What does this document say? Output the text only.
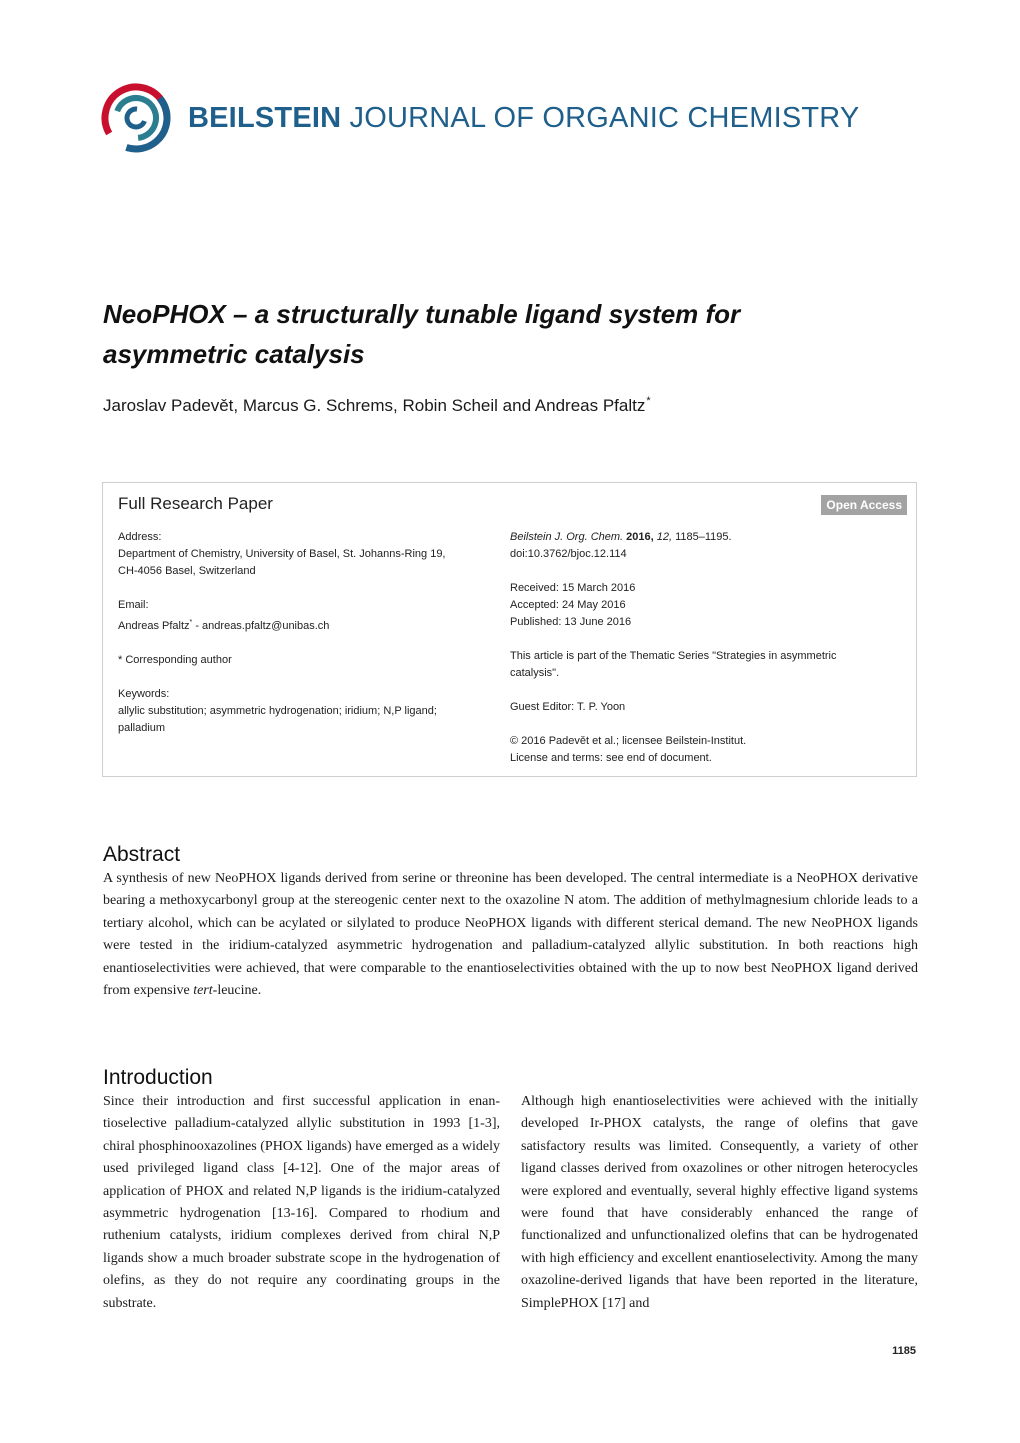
BEILSTEIN JOURNAL OF ORGANIC CHEMISTRY
NeoPHOX – a structurally tunable ligand system for asymmetric catalysis
Jaroslav Padevět, Marcus G. Schrems, Robin Scheil and Andreas Pfaltz*
Full Research Paper	Open Access

Address:

Department of Chemistry, University of Basel, St. Johanns-Ring 19,

CH-4056 Basel, Switzerland

Email:

Andreas Pfaltz* - andreas.pfaltz@unibas.ch

* Corresponding author

Keywords:

allylic substitution; asymmetric hydrogenation; iridium; N,P ligand;

palladium

Beilstein J. Org. Chem. 2016, 12, 1185–1195.

doi:10.3762/bjoc.12.114

Received: 15 March 2016

Accepted: 24 May 2016

Published: 13 June 2016

This article is part of the Thematic Series "Strategies in asymmetric

catalysis".

Guest Editor: T. P. Yoon

© 2016 Padevět et al.; licensee Beilstein-Institut.

License and terms: see end of document.

Abstract
A synthesis of new NeoPHOX ligands derived from serine or threonine has been developed. The central intermediate is a NeoPHOX derivative bearing a methoxycarbonyl group at the stereogenic center next to the oxazoline N atom. The addition of methylmagnesium chloride leads to a tertiary alcohol, which can be acylated or silylated to produce NeoPHOX ligands with different sterical demand. The new NeoPHOX ligands were tested in the iridium-catalyzed asymmetric hydrogenation and palladium-catalyzed allylic substitution. In both reactions high enantioselectivities were achieved, that were comparable to the enantioselectivities obtained with the up to now best NeoPHOX ligand derived from expensive tert-leucine.
Introduction
Since their introduction and first successful application in enantioselective palladium-catalyzed allylic substitution in 1993 [1-3], chiral phosphinooxazolines (PHOX ligands) have emerged as a widely used privileged ligand class [4-12]. One of the major areas of application of PHOX and related N,P ligands is the iridium-catalyzed asymmetric hydrogenation [13-16]. Compared to rhodium and ruthenium catalysts, iridium complexes derived from chiral N,P ligands show a much broader substrate scope in the hydrogenation of olefins, as they do not require any coordinating groups in the substrate.
Although high enantioselectivities were achieved with the initially developed Ir-PHOX catalysts, the range of olefins that gave satisfactory results was limited. Consequently, a variety of other ligand classes derived from oxazolines or other nitrogen heterocycles were explored and eventually, several highly effective ligand systems were found that have considerably enhanced the range of functionalized and unfunctionalized olefins that can be hydrogenated with high efficiency and excellent enantioselectivity. Among the many oxazoline-derived ligands that have been reported in the literature, SimplePHOX [17] and
1185
